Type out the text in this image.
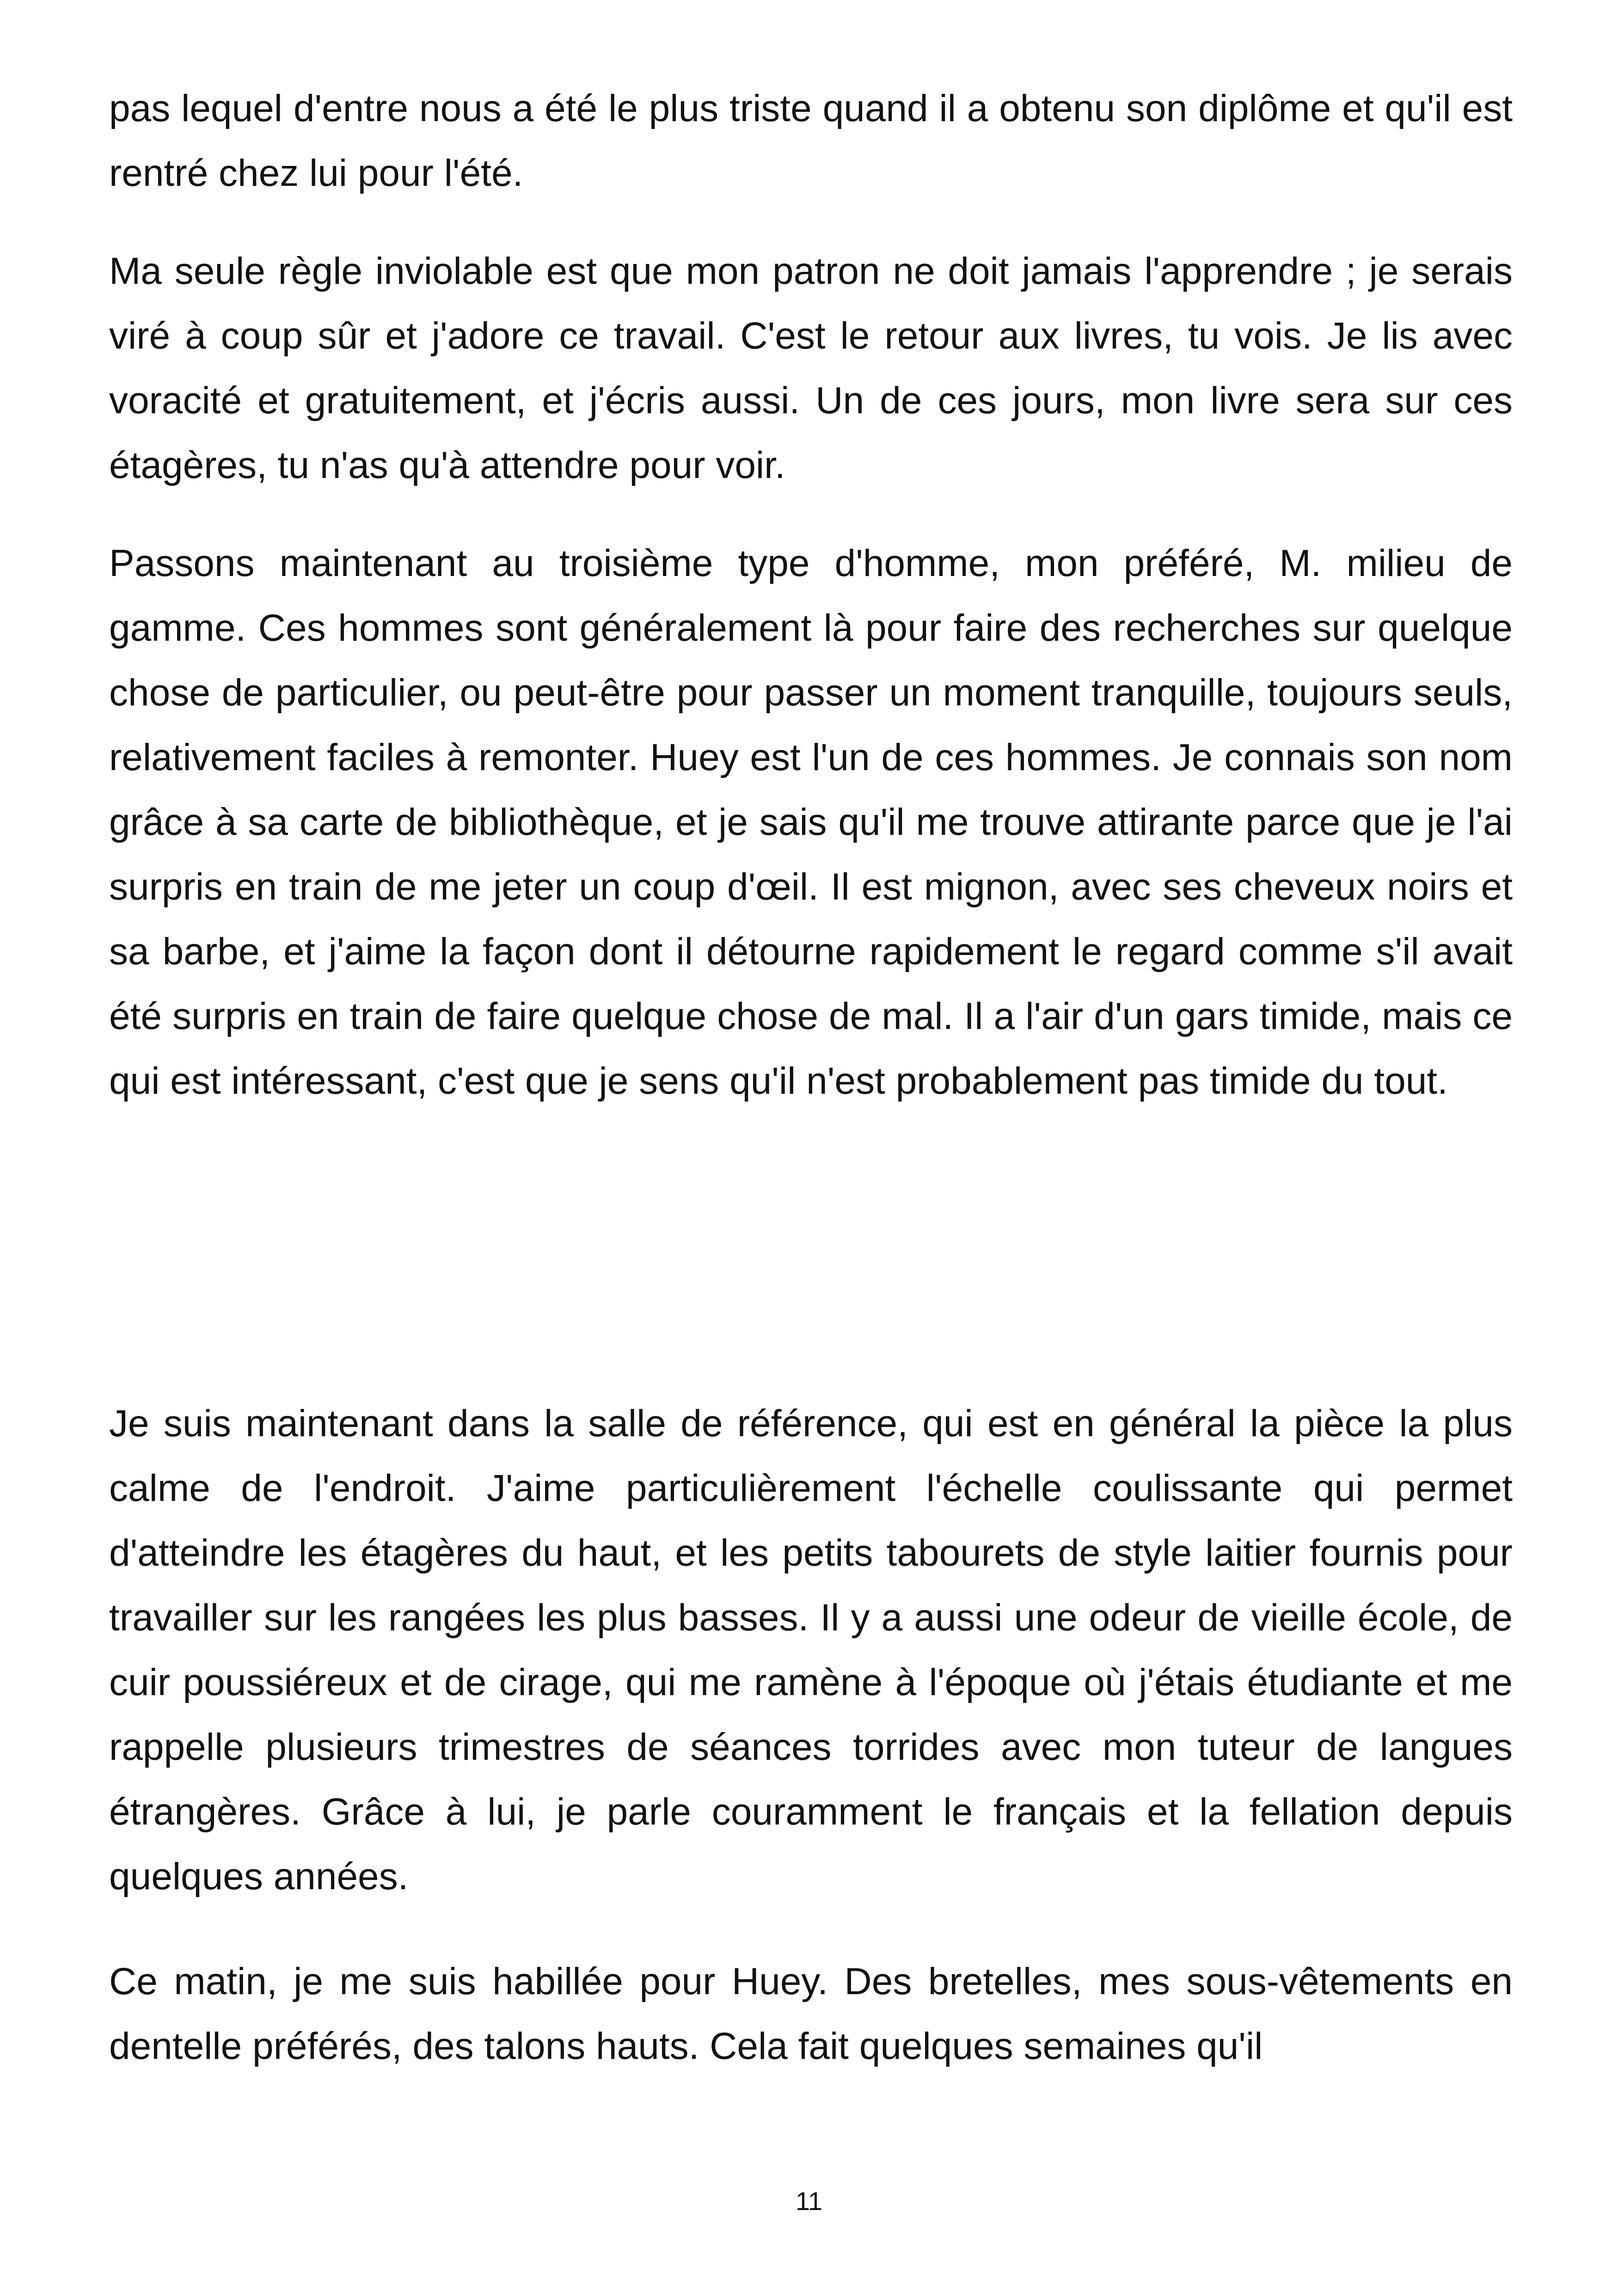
pas lequel d'entre nous a été le plus triste quand il a obtenu son diplôme et qu'il est rentré chez lui pour l'été.

Ma seule règle inviolable est que mon patron ne doit jamais l'apprendre ; je serais viré à coup sûr et j'adore ce travail. C'est le retour aux livres, tu vois. Je lis avec voracité et gratuitement, et j'écris aussi. Un de ces jours, mon livre sera sur ces étagères, tu n'as qu'à attendre pour voir.

Passons maintenant au troisième type d'homme, mon préféré, M. milieu de gamme. Ces hommes sont généralement là pour faire des recherches sur quelque chose de particulier, ou peut-être pour passer un moment tranquille, toujours seuls, relativement faciles à remonter. Huey est l'un de ces hommes. Je connais son nom grâce à sa carte de bibliothèque, et je sais qu'il me trouve attirante parce que je l'ai surpris en train de me jeter un coup d'œil. Il est mignon, avec ses cheveux noirs et sa barbe, et j'aime la façon dont il détourne rapidement le regard comme s'il avait été surpris en train de faire quelque chose de mal. Il a l'air d'un gars timide, mais ce qui est intéressant, c'est que je sens qu'il n'est probablement pas timide du tout.

Je suis maintenant dans la salle de référence, qui est en général la pièce la plus calme de l'endroit. J'aime particulièrement l'échelle coulissante qui permet d'atteindre les étagères du haut, et les petits tabourets de style laitier fournis pour travailler sur les rangées les plus basses. Il y a aussi une odeur de vieille école, de cuir poussiéreux et de cirage, qui me ramène à l'époque où j'étais étudiante et me rappelle plusieurs trimestres de séances torrides avec mon tuteur de langues étrangères. Grâce à lui, je parle couramment le français et la fellation depuis quelques années.

Ce matin, je me suis habillée pour Huey. Des bretelles, mes sous-vêtements en dentelle préférés, des talons hauts. Cela fait quelques semaines qu'il

11
